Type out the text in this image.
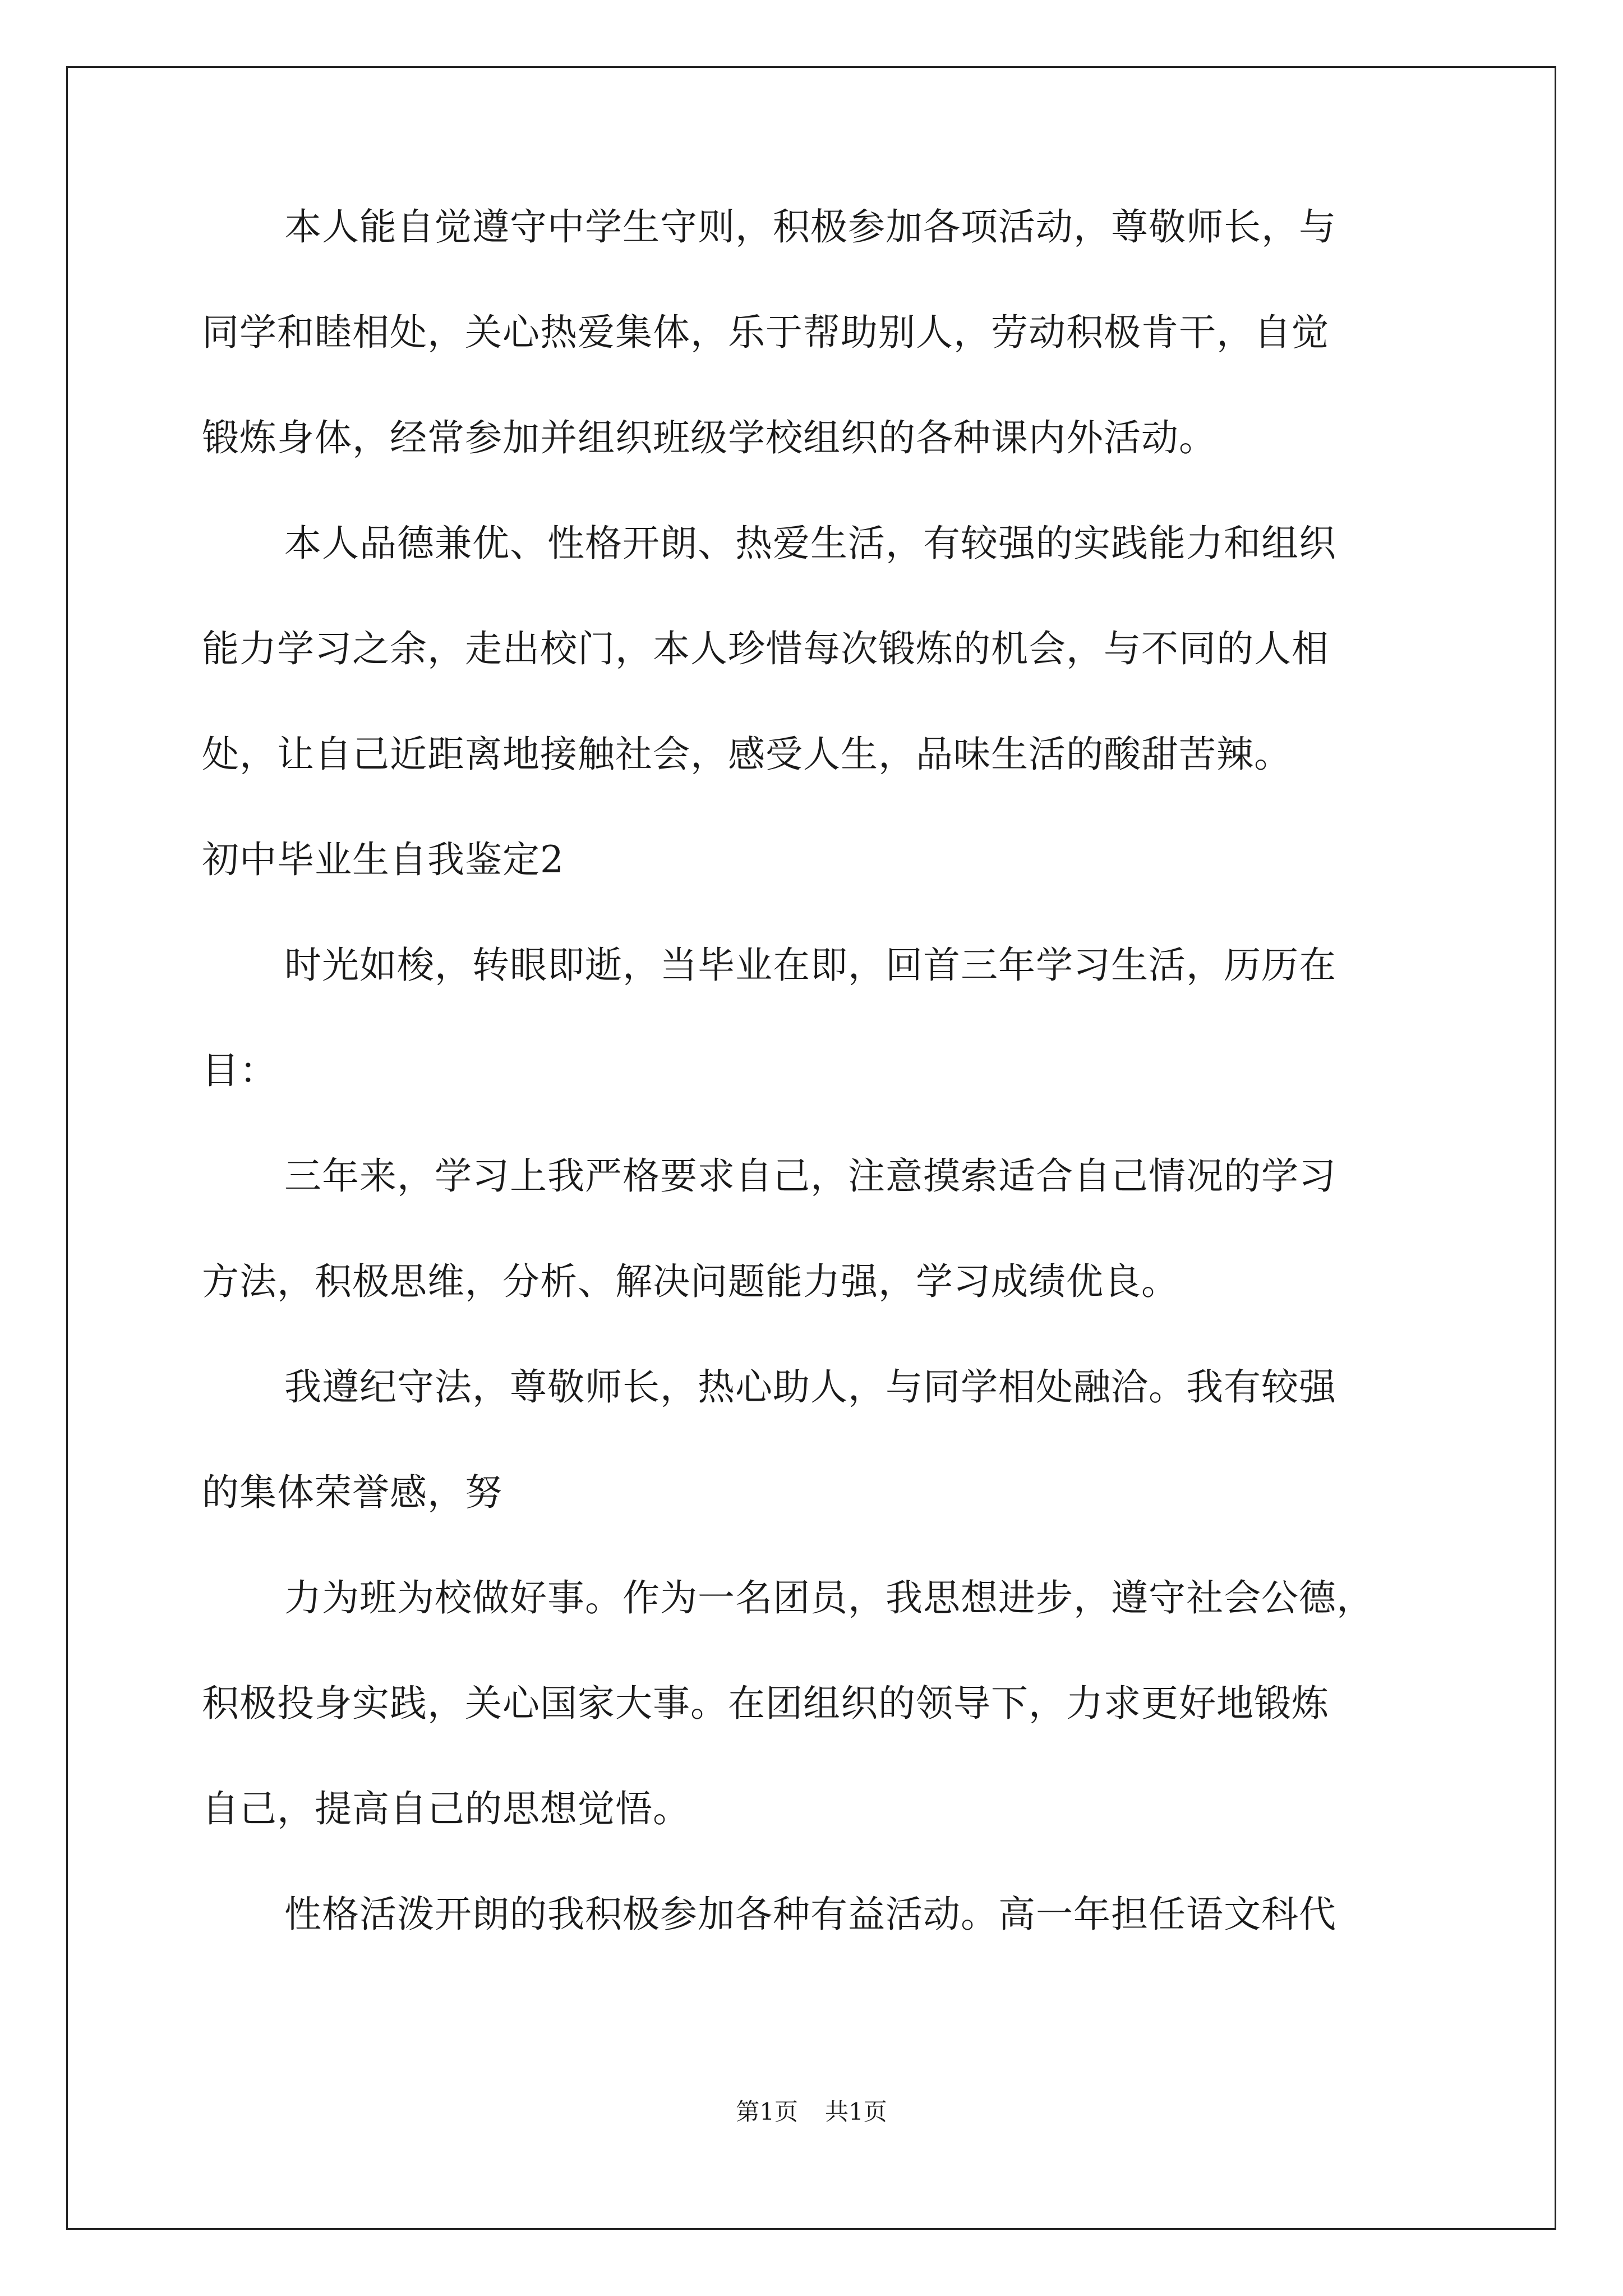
本人能自觉遵守中学生守则，积极参加各项活动，尊敬师长，与
同学和睦相处，关心热爱集体，乐于帮助别人，劳动积极肯干，自觉
锻炼身体，经常参加并组织班级学校组织的各种课内外活动。
本人品德兼优、性格开朗、热爱生活，有较强的实践能力和组织
能力学习之余，走出校门，本人珍惜每次锻炼的机会，与不同的人相
处，让自己近距离地接触社会，感受人生，品味生活的酸甜苦辣。
初中毕业生自我鉴定2
时光如梭，转眼即逝，当毕业在即，回首三年学习生活，历历在
目：
三年来，学习上我严格要求自己，注意摸索适合自己情况的学习
方法，积极思维，分析、解决问题能力强，学习成绩优良。
我遵纪守法，尊敬师长，热心助人，与同学相处融洽。我有较强
的集体荣誉感，努
力为班为校做好事。作为一名团员，我思想进步，遵守社会公德，
积极投身实践，关心国家大事。在团组织的领导下，力求更好地锻炼
自己，提高自己的思想觉悟。
性格活泼开朗的我积极参加各种有益活动。高一年担任语文科代
第1页 共1页
